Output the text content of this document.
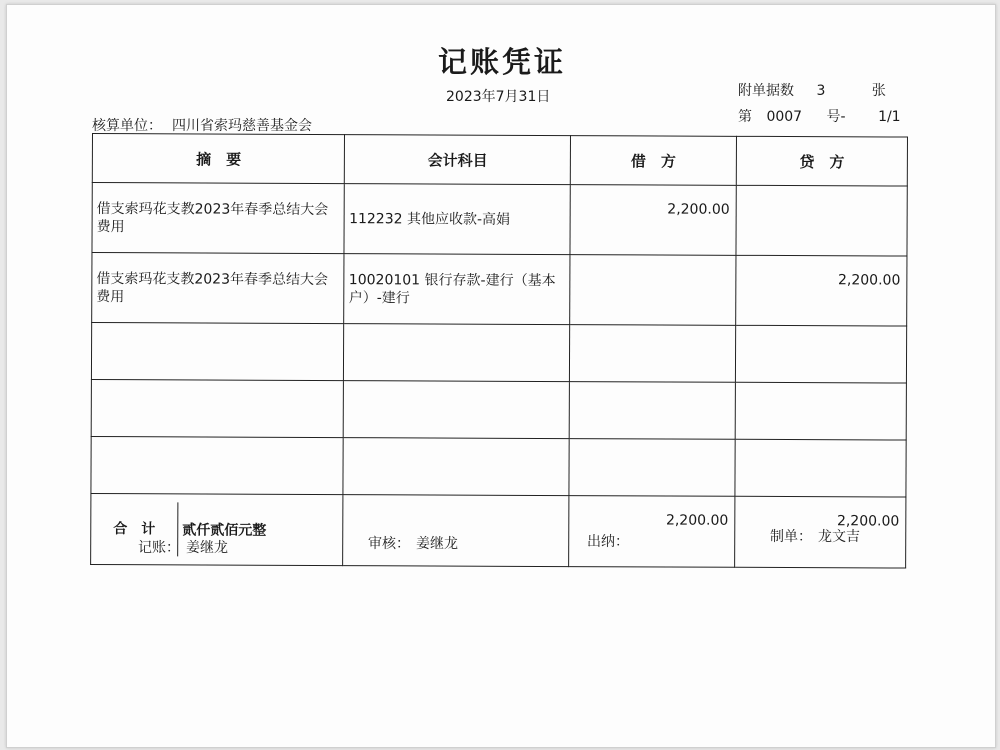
记账凭证
2023年7月31日	附单据数 3	张
第 0007 号- 1/1
核算单位： 四川省索玛慈善基金会
摘　要	会计科目	借　方	贷　方
借支索玛花支教2023年春季总结大会费用	112232 其他应收款-高娟	2,200.00	
借支索玛花支教2023年春季总结大会费用	10020101 银行存款-建行（基本户）-建行		2,200.00

合　计 贰仟贰佰元整		2,200.00	2,200.00
记账： 姜继龙	审核： 姜继龙	出纳：	制单： 龙文吉
